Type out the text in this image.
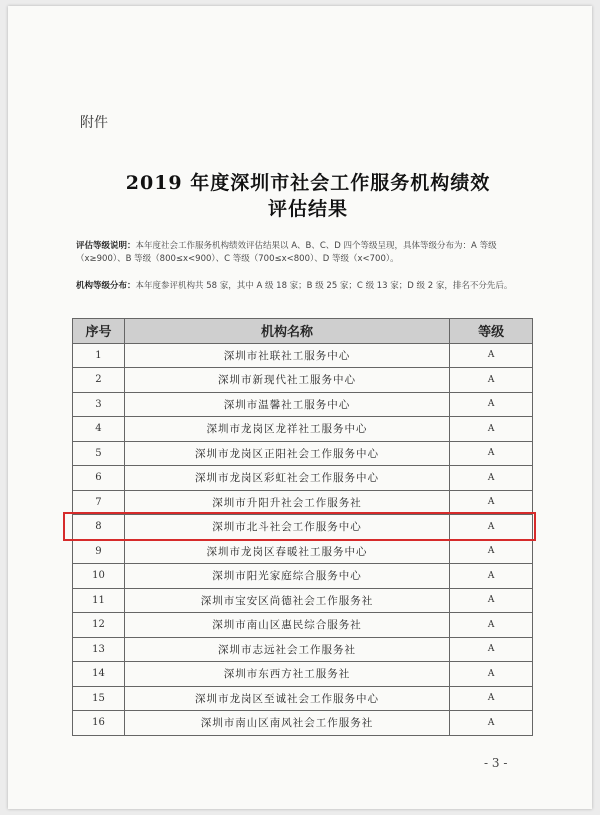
附件
2019 年度深圳市社会工作服务机构绩效
评估结果
评估等级说明：本年度社会工作服务机构绩效评估结果以 A、B、C、D 四个等级呈现，具体等级分布为：A 等级（x≥900）、B 等级（800≤x<900）、C 等级（700≤x<800）、D 等级（x<700）。
机构等级分布：本年度参评机构共 58 家，其中 A 级 18 家；B 级 25 家；C 级 13 家；D 级 2 家，排名不分先后。
序号	机构名称	等级
1	深圳市社联社工服务中心	A
2	深圳市新现代社工服务中心	A
3	深圳市温馨社工服务中心	A
4	深圳市龙岗区龙祥社工服务中心	A
5	深圳市龙岗区正阳社会工作服务中心	A
6	深圳市龙岗区彩虹社会工作服务中心	A
7	深圳市升阳升社会工作服务社	A
8	深圳市北斗社会工作服务中心	A
9	深圳市龙岗区春暖社工服务中心	A
10	深圳市阳光家庭综合服务中心	A
11	深圳市宝安区尚德社会工作服务社	A
12	深圳市南山区惠民综合服务社	A
13	深圳市志远社会工作服务社	A
14	深圳市东西方社工服务社	A
15	深圳市龙岗区至诚社会工作服务中心	A
16	深圳市南山区南风社会工作服务社	A
- 3 -
